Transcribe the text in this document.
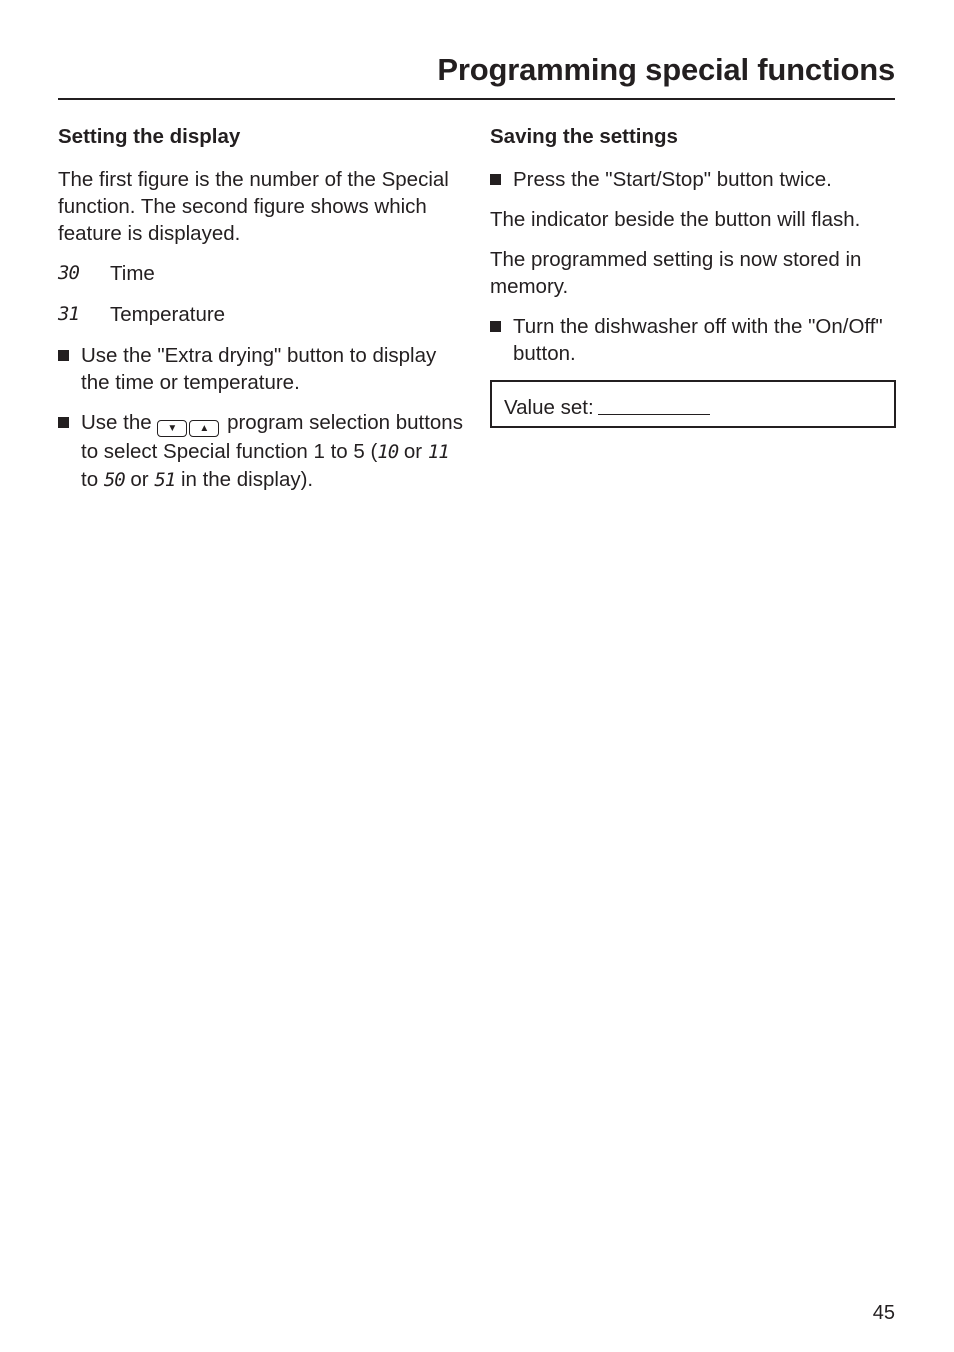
Programming special functions
Setting the display

The first figure is the number of the Special function. The second figure shows which feature is displayed.

30	Time
31	Temperature
Use the "Extra drying" button to display the time or temperature.
Use the ▼ ▲ program selection buttons to select Special function 1 to 5 (10 or 11 to 50 or 51 in the display).
Saving the settings
Press the "Start/Stop" button twice.

The indicator beside the button will flash.

The programmed setting is now stored in memory.

Turn the dishwasher off with the "On/Off" button.
Value set:
45
